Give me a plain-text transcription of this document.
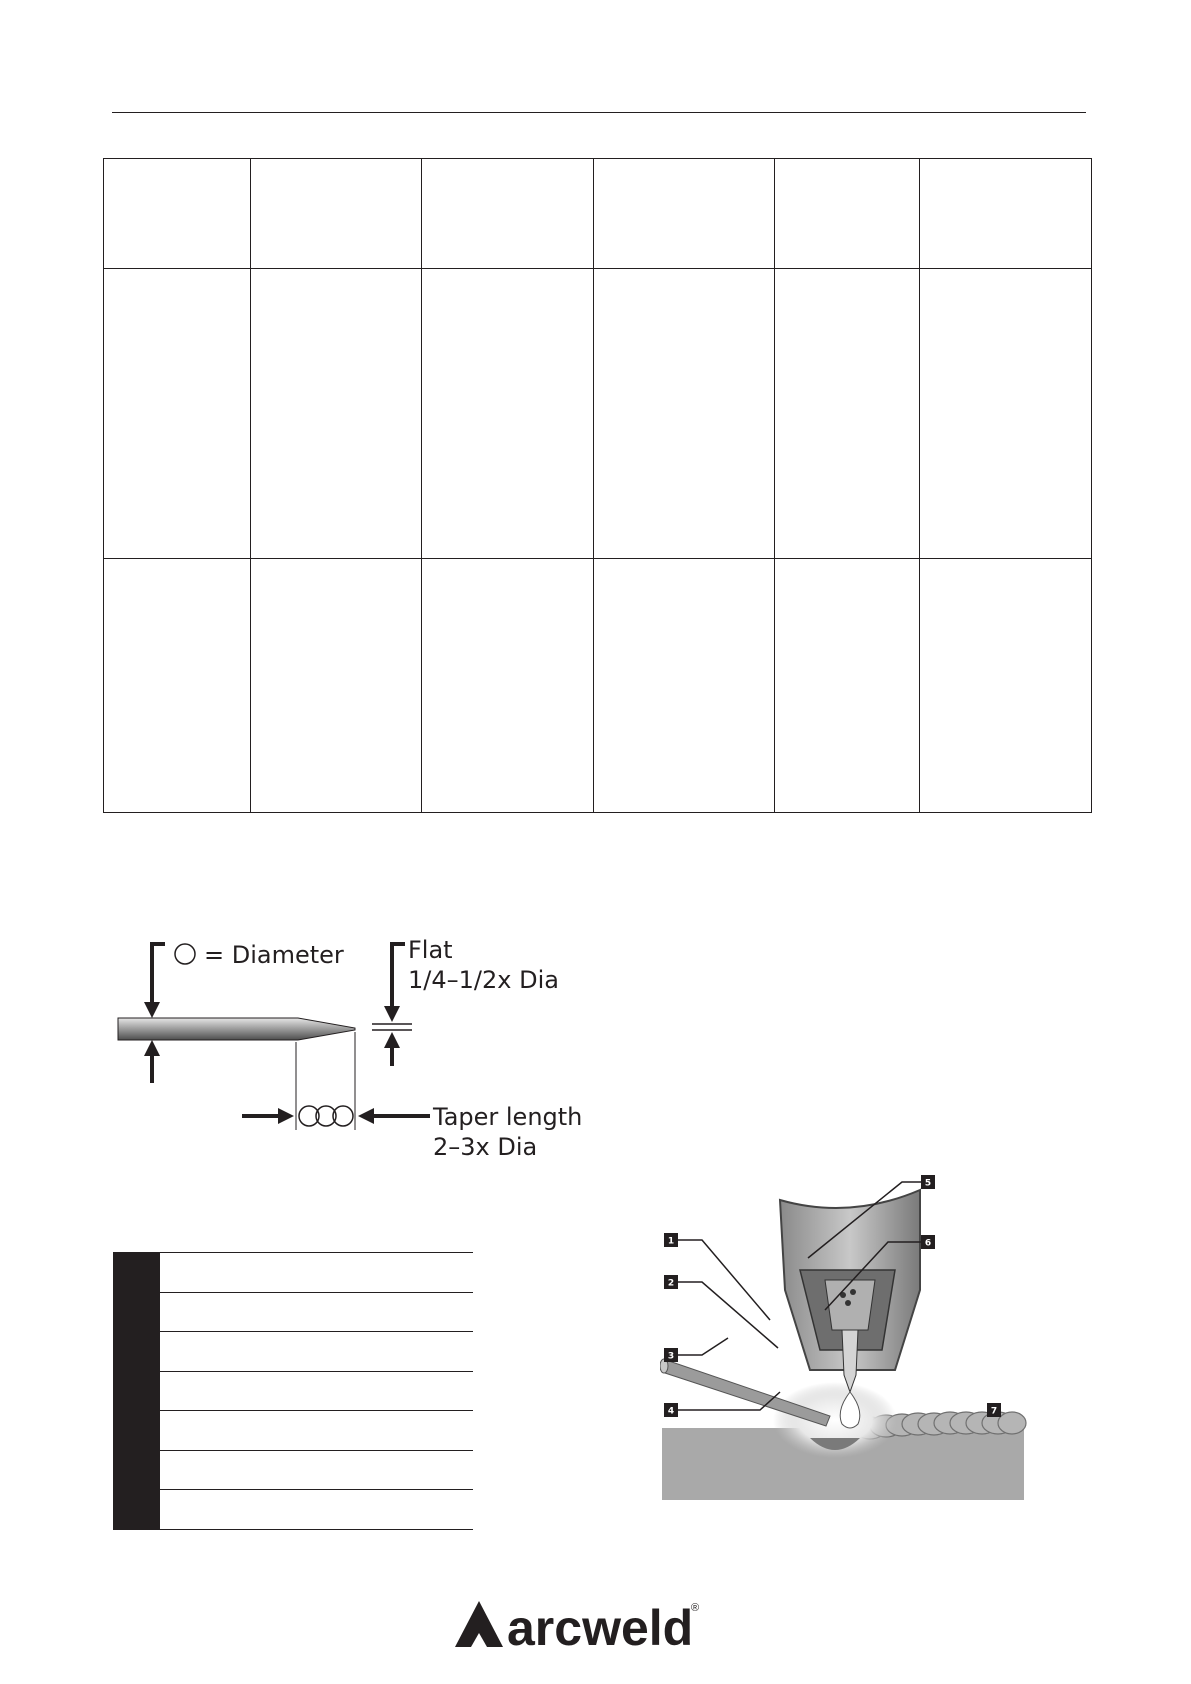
= Diameter	Flat
1/4–1/2x Dia
Taper length
2–3x Dia
1
2
3
4
5
6
7
arcweld
®
